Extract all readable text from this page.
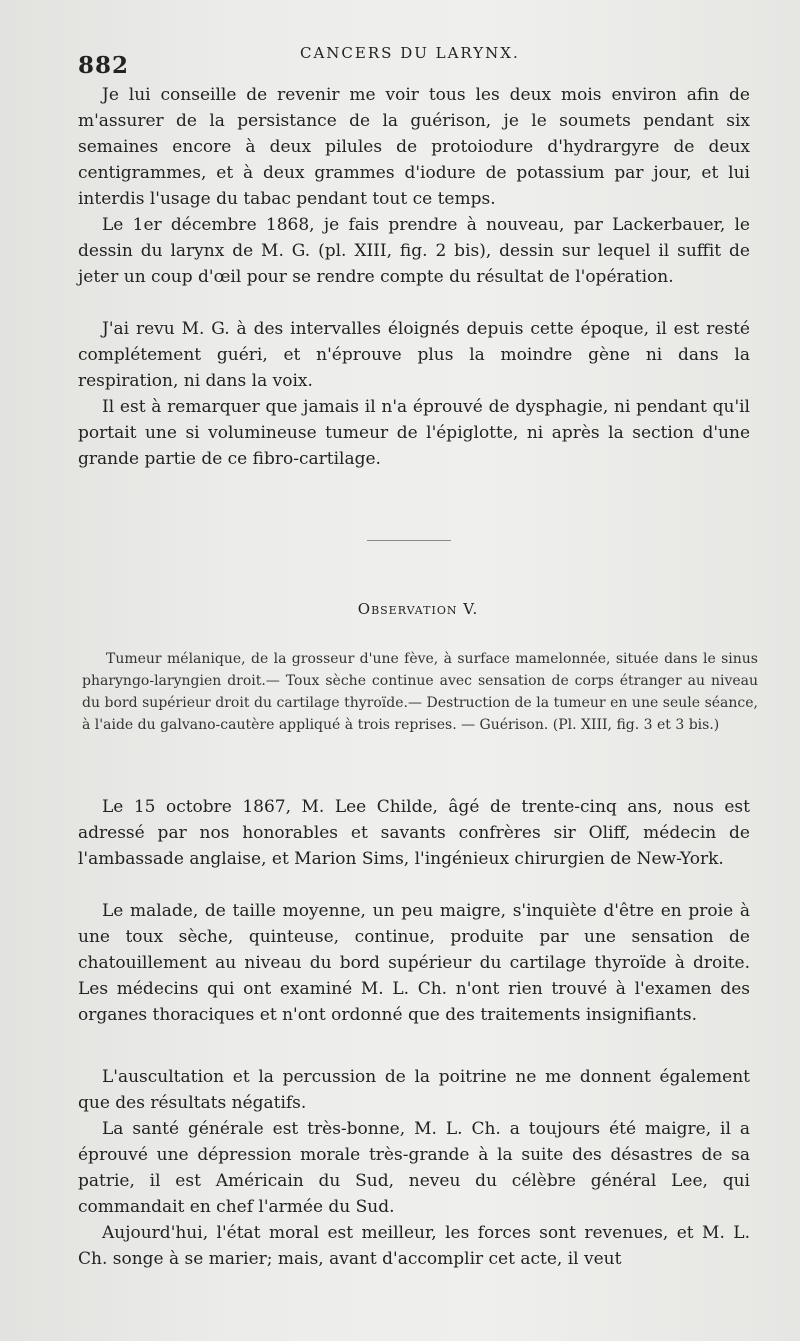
882	CANCERS DU LARYNX.

Je lui conseille de revenir me voir tous les deux mois environ afin de m'assurer de la persistance de la guérison, je le soumets pendant six semaines encore à deux pilules de protoiodure d'hydrargyre de deux centigrammes, et à deux grammes d'iodure de potassium par jour, et lui interdis l'usage du tabac pendant tout ce temps.

Le 1er décembre 1868, je fais prendre à nouveau, par Lackerbauer, le dessin du larynx de M. G. (pl. XIII, fig. 2 bis), dessin sur lequel il suffit de jeter un coup d'œil pour se rendre compte du résultat de l'opération.

J'ai revu M. G. à des intervalles éloignés depuis cette époque, il est resté complétement guéri, et n'éprouve plus la moindre gène ni dans la respiration, ni dans la voix.

Il est à remarquer que jamais il n'a éprouvé de dysphagie, ni pendant qu'il portait une si volumineuse tumeur de l'épiglotte, ni après la section d'une grande partie de ce fibro-cartilage.

Observation V.

Tumeur mélanique, de la grosseur d'une fève, à surface mamelonnée, située dans le sinus pharyngo-laryngien droit.— Toux sèche continue avec sensation de corps étranger au niveau du bord supérieur droit du cartilage thyroïde.— Destruction de la tumeur en une seule séance, à l'aide du galvano-cautère appliqué à trois reprises. — Guérison. (Pl. XIII, fig. 3 et 3 bis.)

Le 15 octobre 1867, M. Lee Childe, âgé de trente-cinq ans, nous est adressé par nos honorables et savants confrères sir Oliff, médecin de l'ambassade anglaise, et Marion Sims, l'ingénieux chirurgien de New-York.

Le malade, de taille moyenne, un peu maigre, s'inquiète d'être en proie à une toux sèche, quinteuse, continue, produite par une sensation de chatouillement au niveau du bord supérieur du cartilage thyroïde à droite. Les médecins qui ont examiné M. L. Ch. n'ont rien trouvé à l'examen des organes thoraciques et n'ont ordonné que des traitements insignifiants.

L'auscultation et la percussion de la poitrine ne me donnent également que des résultats négatifs.

La santé générale est très-bonne, M. L. Ch. a toujours été maigre, il a éprouvé une dépression morale très-grande à la suite des désastres de sa patrie, il est Américain du Sud, neveu du célèbre général Lee, qui commandait en chef l'armée du Sud.

Aujourd'hui, l'état moral est meilleur, les forces sont revenues, et M. L. Ch. songe à se marier; mais, avant d'accomplir cet acte, il veut
